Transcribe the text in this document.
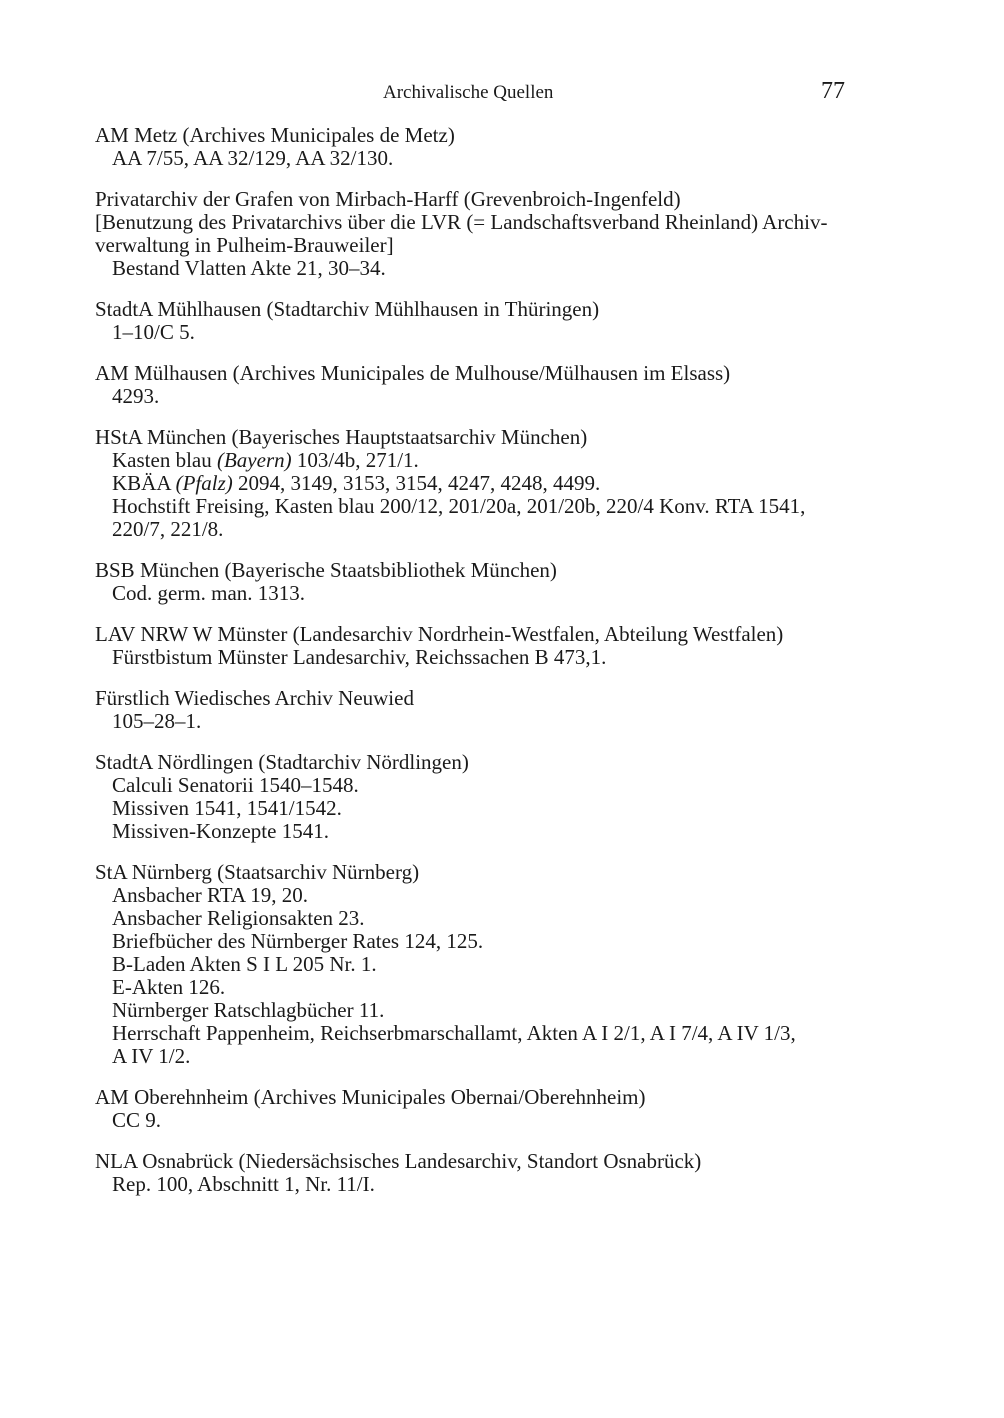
Archivalische Quellen	77
AM Metz (Archives Municipales de Metz)
AA 7/55, AA 32/129, AA 32/130.
Privatarchiv der Grafen von Mirbach-Harff (Grevenbroich-Ingenfeld)
[Benutzung des Privatarchivs über die LVR (= Landschaftsverband Rheinland) Archiv-
verwaltung in Pulheim-Brauweiler]
Bestand Vlatten Akte 21, 30–34.
StadtA Mühlhausen (Stadtarchiv Mühlhausen in Thüringen)
1–10/C 5.
AM Mülhausen (Archives Municipales de Mulhouse/Mülhausen im Elsass)
4293.
HStA München (Bayerisches Hauptstaatsarchiv München)
Kasten blau (Bayern) 103/4b, 271/1.
KBÄA (Pfalz) 2094, 3149, 3153, 3154, 4247, 4248, 4499.
Hochstift Freising, Kasten blau 200/12, 201/20a, 201/20b, 220/4 Konv. RTA 1541,
220/7, 221/8.
BSB München (Bayerische Staatsbibliothek München)
Cod. germ. man. 1313.
LAV NRW W Münster (Landesarchiv Nordrhein-Westfalen, Abteilung Westfalen)
Fürstbistum Münster Landesarchiv, Reichssachen B 473,1.
Fürstlich Wiedisches Archiv Neuwied
105–28–1.
StadtA Nördlingen (Stadtarchiv Nördlingen)
Calculi Senatorii 1540–1548.
Missiven 1541, 1541/1542.
Missiven-Konzepte 1541.
StA Nürnberg (Staatsarchiv Nürnberg)
Ansbacher RTA 19, 20.
Ansbacher Religionsakten 23.
Briefbücher des Nürnberger Rates 124, 125.
B-Laden Akten S I L 205 Nr. 1.
E-Akten 126.
Nürnberger Ratschlagbücher 11.
Herrschaft Pappenheim, Reichserbmarschallamt, Akten A I 2/1, A I 7/4, A IV 1/3,
A IV 1/2.
AM Oberehnheim (Archives Municipales Obernai/Oberehnheim)
CC 9.
NLA Osnabrück (Niedersächsisches Landesarchiv, Standort Osnabrück)
Rep. 100, Abschnitt 1, Nr. 11/I.
